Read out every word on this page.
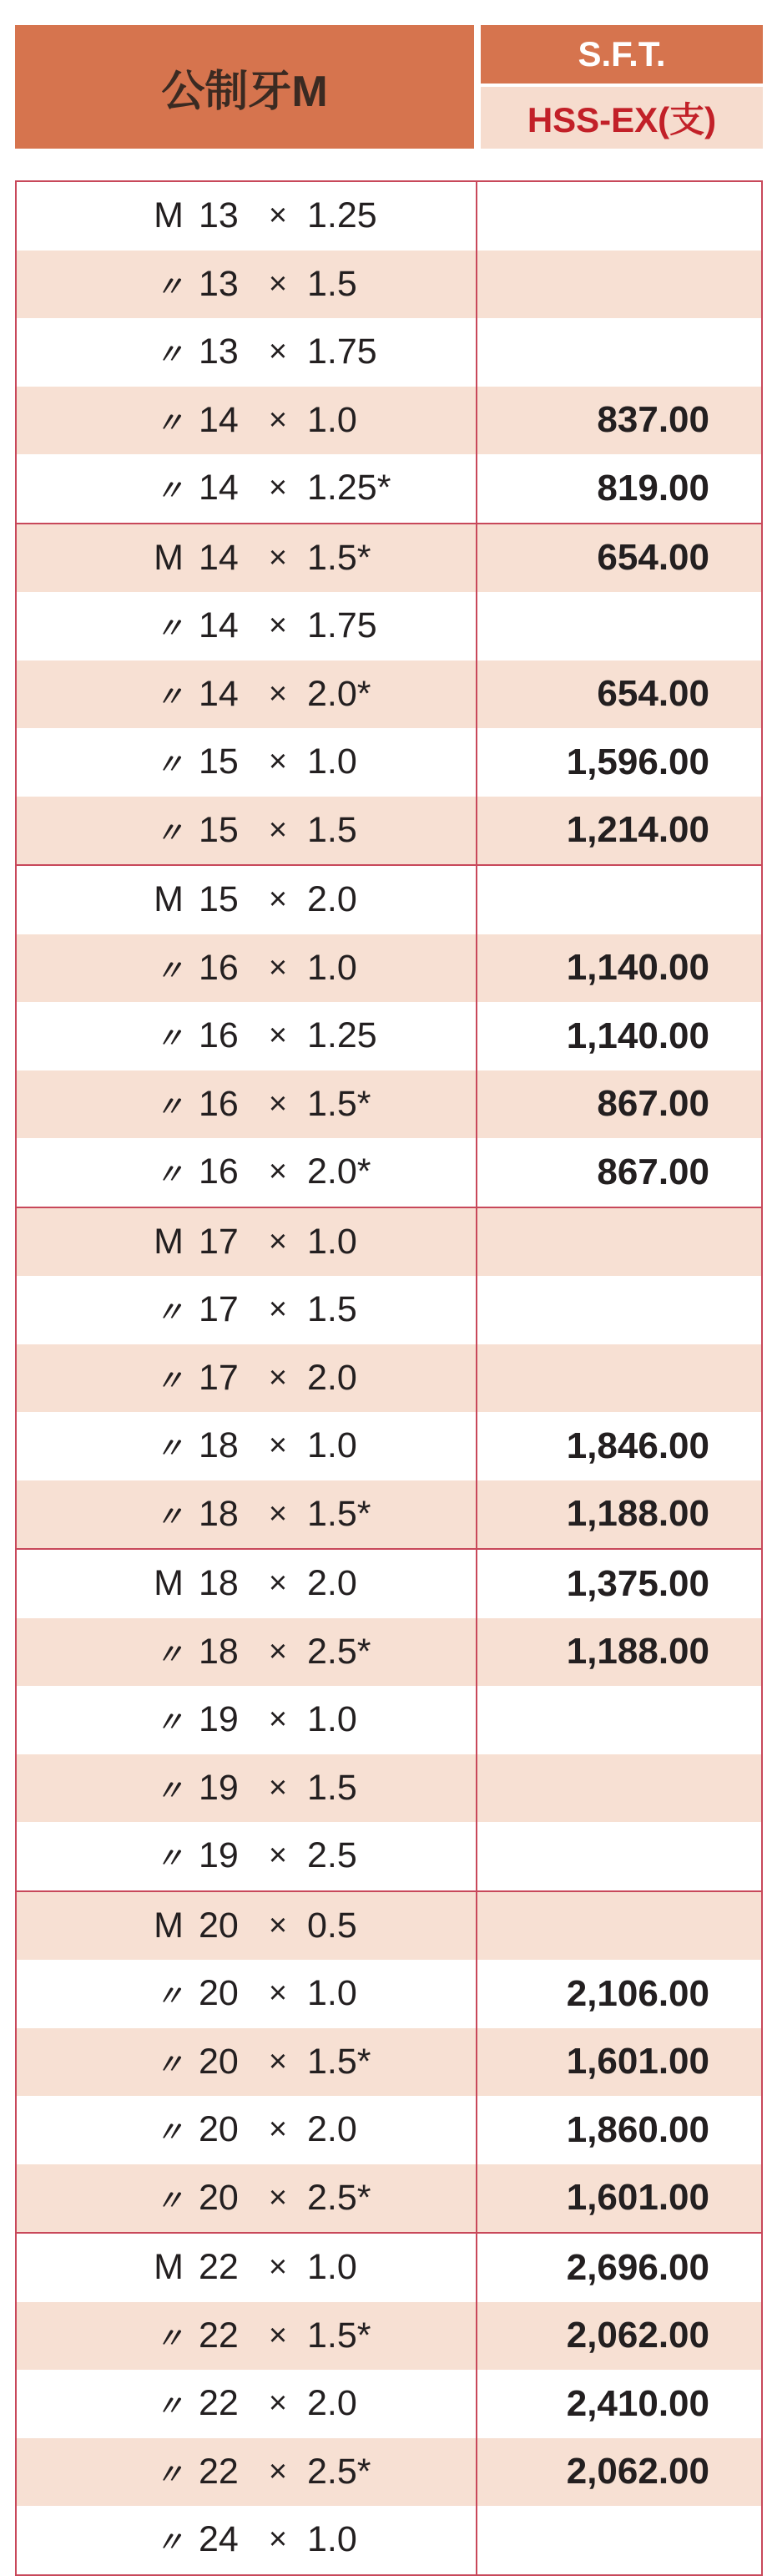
公制牙M
S.F.T.
HSS-EX(支)
M 13 × 1.25
〃 13 × 1.5
〃 13 × 1.75
〃 14 × 1.0	837.00
〃 14 × 1.25*	819.00
M 14 × 1.5*	654.00
〃 14 × 1.75
〃 14 × 2.0*	654.00
〃 15 × 1.0	1,596.00
〃 15 × 1.5	1,214.00
M 15 × 2.0
〃 16 × 1.0	1,140.00
〃 16 × 1.25	1,140.00
〃 16 × 1.5*	867.00
〃 16 × 2.0*	867.00
M 17 × 1.0
〃 17 × 1.5
〃 17 × 2.0
〃 18 × 1.0	1,846.00
〃 18 × 1.5*	1,188.00
M 18 × 2.0	1,375.00
〃 18 × 2.5*	1,188.00
〃 19 × 1.0
〃 19 × 1.5
〃 19 × 2.5
M 20 × 0.5
〃 20 × 1.0	2,106.00
〃 20 × 1.5*	1,601.00
〃 20 × 2.0	1,860.00
〃 20 × 2.5*	1,601.00
M 22 × 1.0	2,696.00
〃 22 × 1.5*	2,062.00
〃 22 × 2.0	2,410.00
〃 22 × 2.5*	2,062.00
〃 24 × 1.0
